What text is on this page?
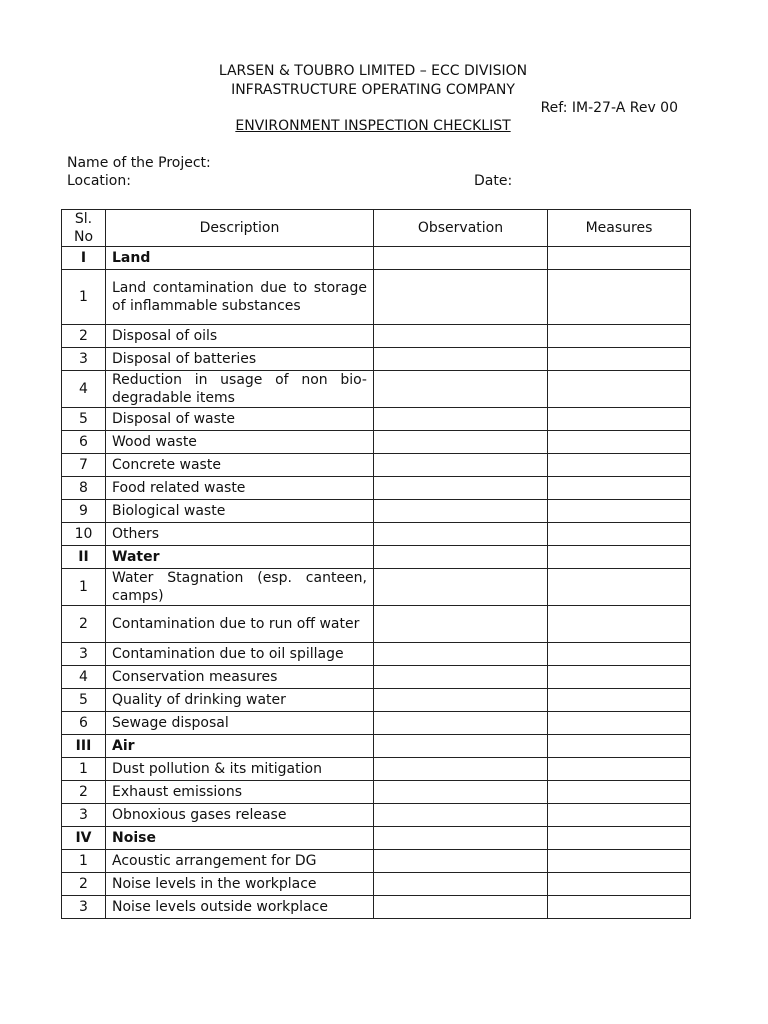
LARSEN & TOUBRO LIMITED – ECC DIVISION
INFRASTRUCTURE OPERATING COMPANY
Ref: IM-27-A Rev 00
ENVIRONMENT INSPECTION CHECKLIST
Name of the Project:
Location:	Date:
Sl.
No	Description	Observation	Measures
I	Land		
1	Land contamination due to storage of inflammable substances		
2	Disposal of oils		
3	Disposal of batteries		
4	Reduction in usage of non bio-degradable items		
5	Disposal of waste		
6	Wood waste		
7	Concrete waste		
8	Food related waste		
9	Biological waste		
10	Others		
II	Water		
1	Water Stagnation (esp. canteen, camps)		
2	Contamination due to run off water		
3	Contamination due to oil spillage		
4	Conservation measures		
5	Quality of drinking water		
6	Sewage disposal		
III	Air		
1	Dust pollution & its mitigation		
2	Exhaust emissions		
3	Obnoxious gases release		
IV	Noise		
1	Acoustic arrangement for DG		
2	Noise levels in the workplace		
3	Noise levels outside workplace		
